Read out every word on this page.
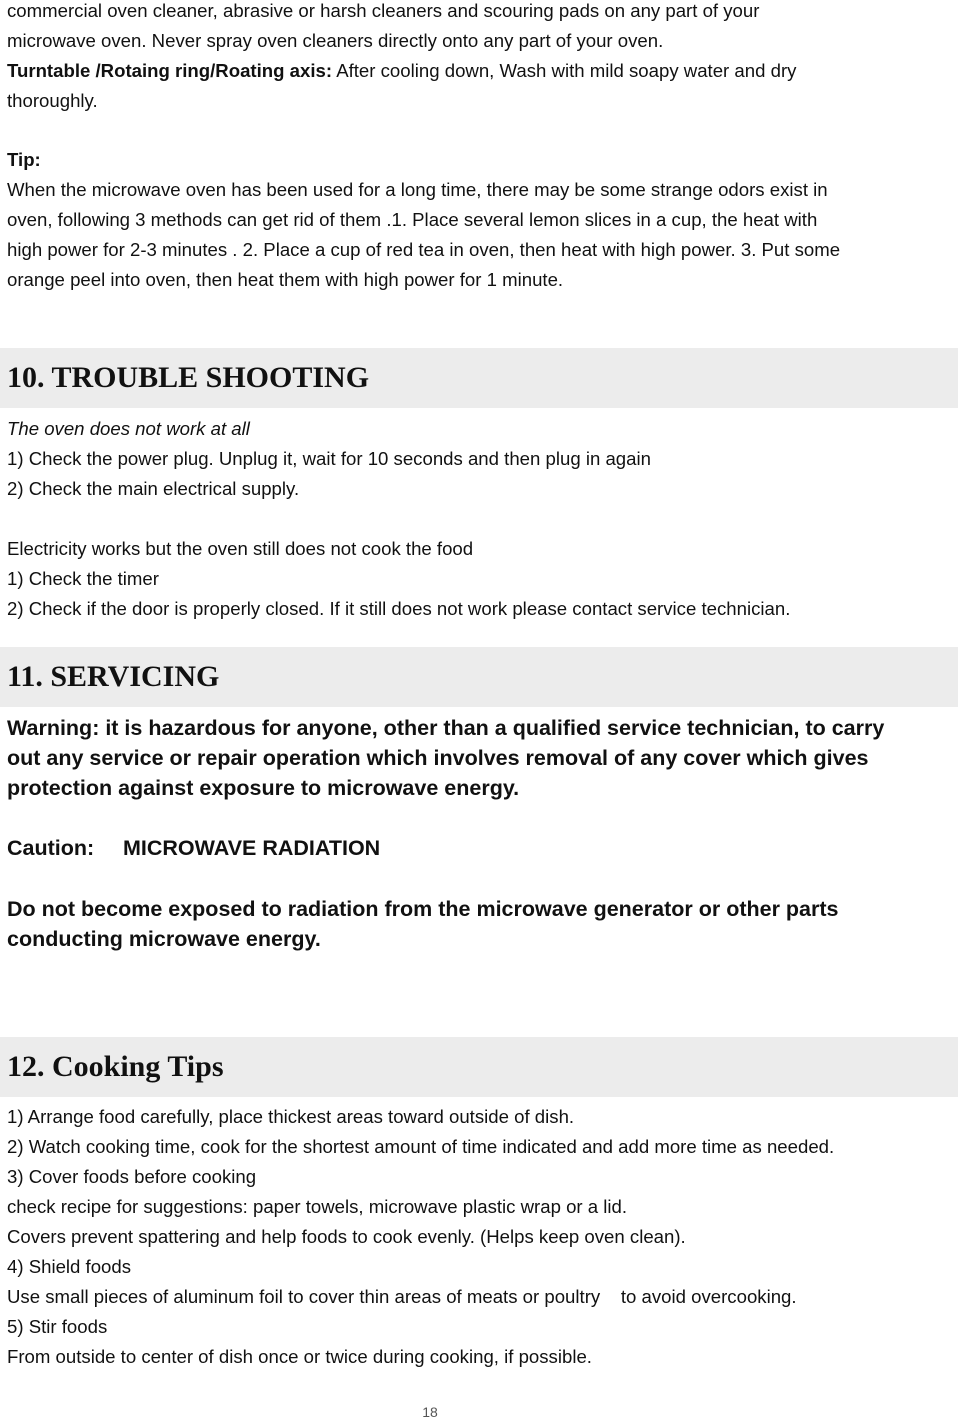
commercial oven cleaner, abrasive or harsh cleaners and scouring pads on any part of your
microwave oven. Never spray oven cleaners directly onto any part of your oven.
Turntable /Rotaing ring/Roating axis: After cooling down, Wash with mild soapy water and dry
thoroughly.
Tip:
When the microwave oven has been used for a long time, there may be some strange odors exist in
oven, following 3 methods can get rid of them .1. Place several lemon slices in a cup, the heat with
high power for 2-3 minutes . 2. Place a cup of red tea in oven, then heat with high power. 3. Put some
orange peel into oven, then heat them with high power for 1 minute.
10. TROUBLE SHOOTING
The oven does not work at all
1) Check the power plug. Unplug it, wait for 10 seconds and then plug in again
2) Check the main electrical supply.
Electricity works but the oven still does not cook the food
1) Check the timer
2) Check if the door is properly closed. If it still does not work please contact service technician.
11. SERVICING
Warning: it is hazardous for anyone, other than a qualified service technician, to carry
out any service or repair operation which involves removal of any cover which gives
protection against exposure to microwave energy.
Caution: MICROWAVE RADIATION
Do not become exposed to radiation from the microwave generator or other parts
conducting microwave energy.
12. Cooking Tips
1) Arrange food carefully, place thickest areas toward outside of dish.
2) Watch cooking time, cook for the shortest amount of time indicated and add more time as needed.
3) Cover foods before cooking
check recipe for suggestions: paper towels, microwave plastic wrap or a lid.
Covers prevent spattering and help foods to cook evenly. (Helps keep oven clean).
4) Shield foods
Use small pieces of aluminum foil to cover thin areas of meats or poultry    to avoid overcooking.
5) Stir foods
From outside to center of dish once or twice during cooking, if possible.
18
